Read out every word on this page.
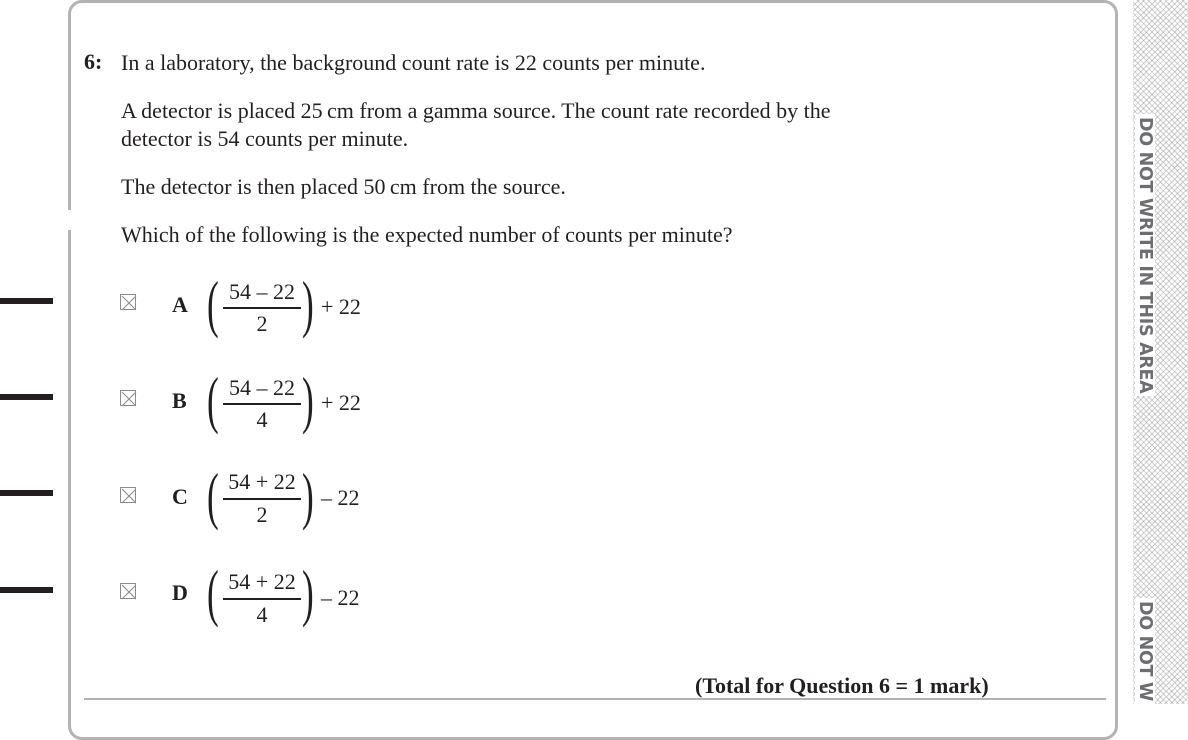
DO NOT WRITE IN THIS AREA
DO NOT W
6: In a laboratory, the background count rate is 22 counts per minute.

A detector is placed 25 cm from a gamma source. The count rate recorded by the

detector is 54 counts per minute.

The detector is then placed 50 cm from the source.

Which of the following is the expected number of counts per minute?

A ( 54 – 22
2 ) + 22
B ( 54 – 22
4 ) + 22
C ( 54 + 22
2 ) – 22
D ( 54 + 22
4 ) – 22
(Total for Question 6 = 1 mark)
